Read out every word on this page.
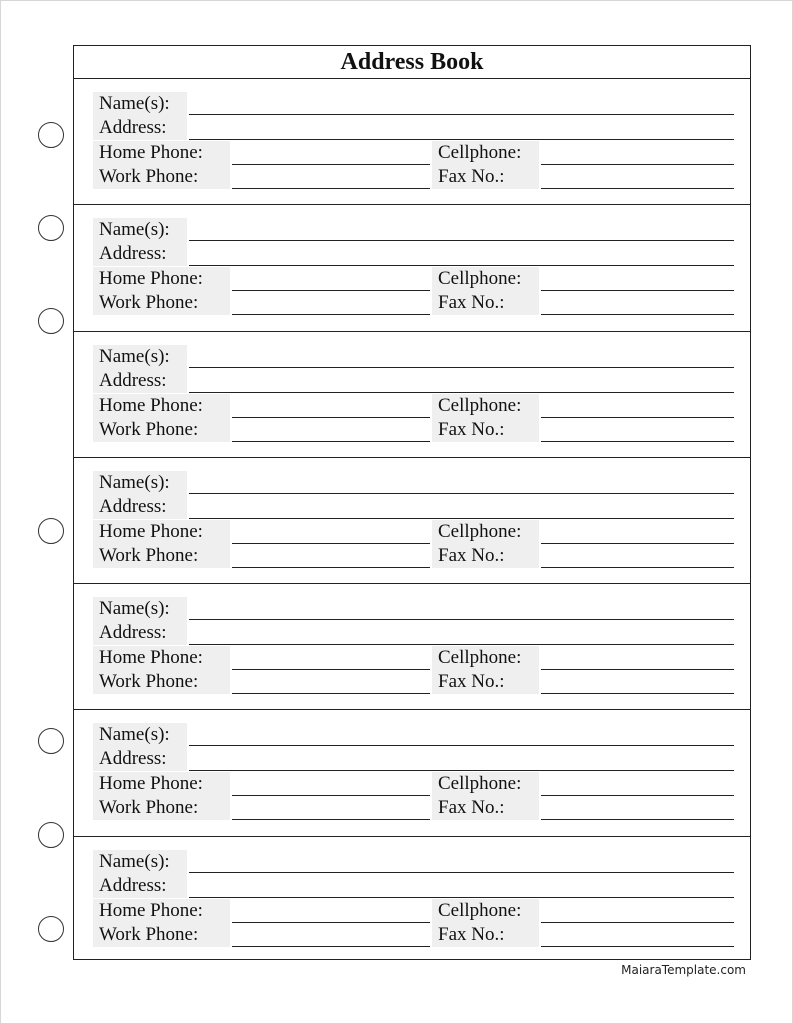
Address Book
Name(s):
Address:
Home Phone:	Cellphone:
Work Phone:	Fax No.:
Name(s):
Address:
Home Phone:	Cellphone:
Work Phone:	Fax No.:
Name(s):
Address:
Home Phone:	Cellphone:
Work Phone:	Fax No.:
Name(s):
Address:
Home Phone:	Cellphone:
Work Phone:	Fax No.:
Name(s):
Address:
Home Phone:	Cellphone:
Work Phone:	Fax No.:
Name(s):
Address:
Home Phone:	Cellphone:
Work Phone:	Fax No.:
Name(s):
Address:
Home Phone:	Cellphone:
Work Phone:	Fax No.:
MaiaraTemplate.com
